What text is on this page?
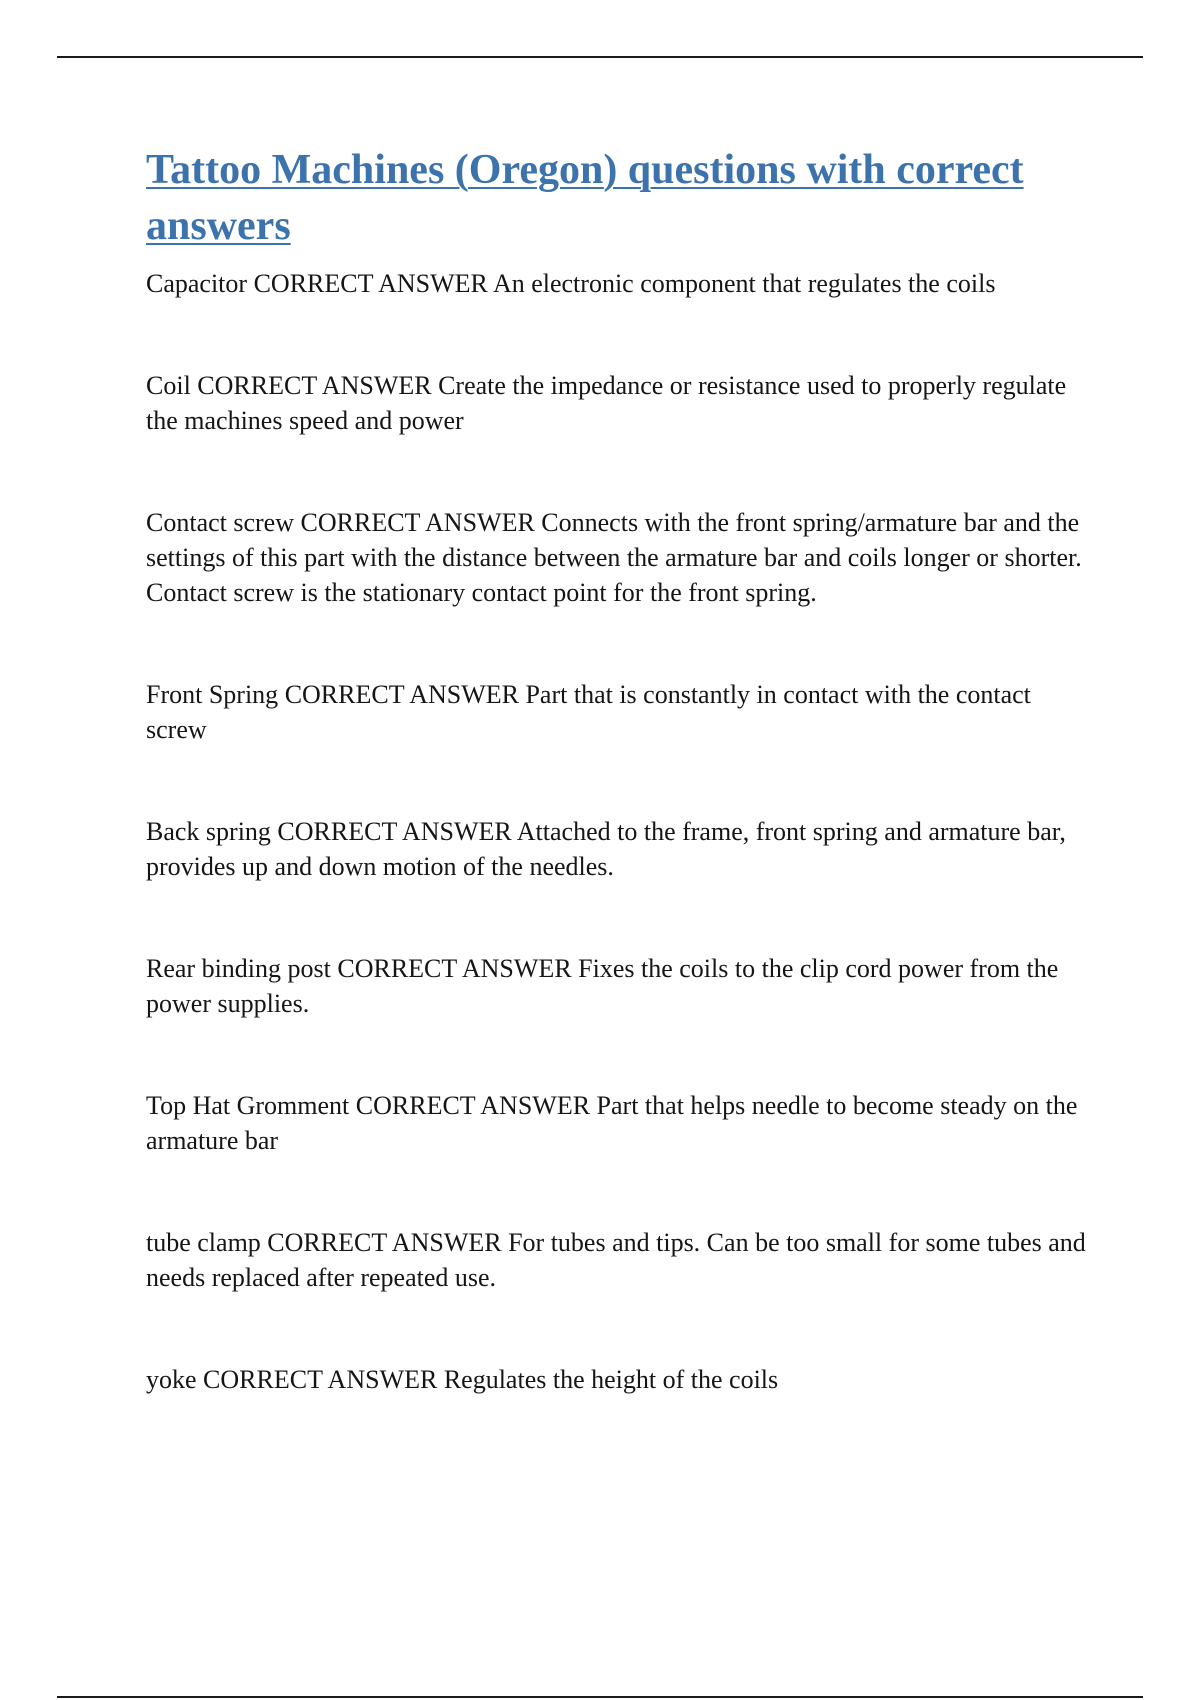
Tattoo Machines (Oregon) questions with correct answers

Capacitor CORRECT ANSWER An electronic component that regulates the coils

Coil CORRECT ANSWER Create the impedance or resistance used to properly regulate the machines speed and power

Contact screw CORRECT ANSWER Connects with the front spring/armature bar and the settings of this part with the distance between the armature bar and coils longer or shorter. Contact screw is the stationary contact point for the front spring.

Front Spring CORRECT ANSWER Part that is constantly in contact with the contact screw

Back spring CORRECT ANSWER Attached to the frame, front spring and armature bar, provides up and down motion of the needles.

Rear binding post CORRECT ANSWER Fixes the coils to the clip cord power from the power supplies.

Top Hat Gromment CORRECT ANSWER Part that helps needle to become steady on the armature bar

tube clamp CORRECT ANSWER For tubes and tips. Can be too small for some tubes and needs replaced after repeated use.

yoke CORRECT ANSWER Regulates the height of the coils
